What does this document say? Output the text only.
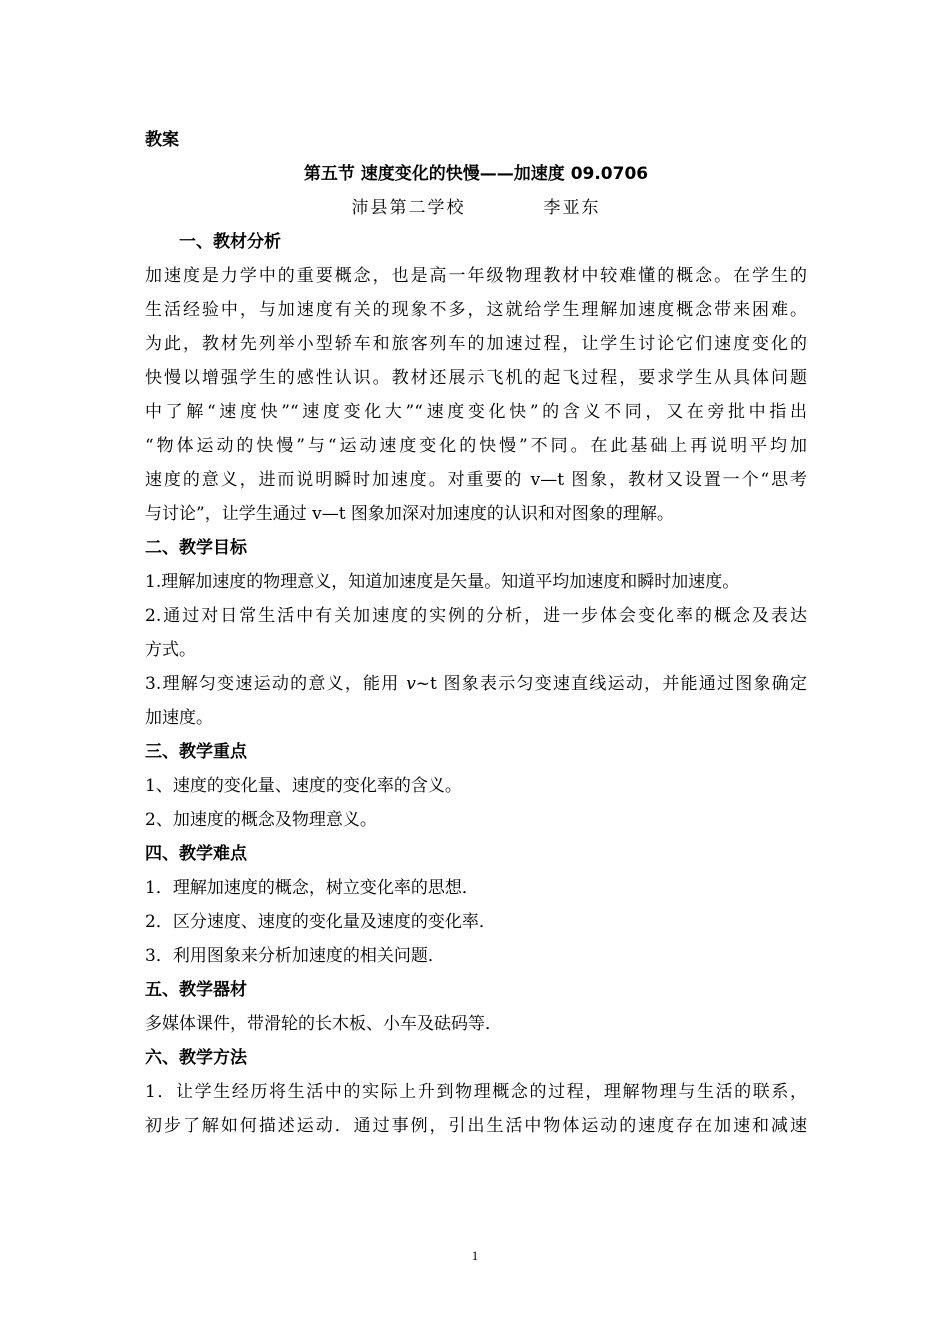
教案
第五节 速度变化的快慢——加速度 09.0706
沛县第二学校	李亚东
一、教材分析
加速度是力学中的重要概念，也是高一年级物理教材中较难懂的概念。在学生的
生活经验中，与加速度有关的现象不多，这就给学生理解加速度概念带来困难。
为此，教材先列举小型轿车和旅客列车的加速过程，让学生讨论它们速度变化的
快慢以增强学生的感性认识。教材还展示飞机的起飞过程，要求学生从具体问题
中了解“速度快”“速度变化大”“速度变化快”的含义不同，又在旁批中指出
“物体运动的快慢”与“运动速度变化的快慢”不同。在此基础上再说明平均加
速度的意义，进而说明瞬时加速度。对重要的 v—t 图象，教材又设置一个“思考
与讨论”，让学生通过 v—t 图象加深对加速度的认识和对图象的理解。
二、教学目标
1.理解加速度的物理意义，知道加速度是矢量。知道平均加速度和瞬时加速度。
2.通过对日常生活中有关加速度的实例的分析，进一步体会变化率的概念及表达
方式。
3.理解匀变速运动的意义，能用 v~t 图象表示匀变速直线运动，并能通过图象确定
加速度。
三、教学重点
1、速度的变化量、速度的变化率的含义。
2、加速度的概念及物理意义。
四、教学难点
1．理解加速度的概念，树立变化率的思想．
2．区分速度、速度的变化量及速度的变化率．
3．利用图象来分析加速度的相关问题．
五、教学器材
多媒体课件，带滑轮的长木板、小车及砝码等．
六、教学方法
1．让学生经历将生活中的实际上升到物理概念的过程，理解物理与生活的联系，
初步了解如何描述运动．通过事例，引出生活中物体运动的速度存在加速和减速
1
